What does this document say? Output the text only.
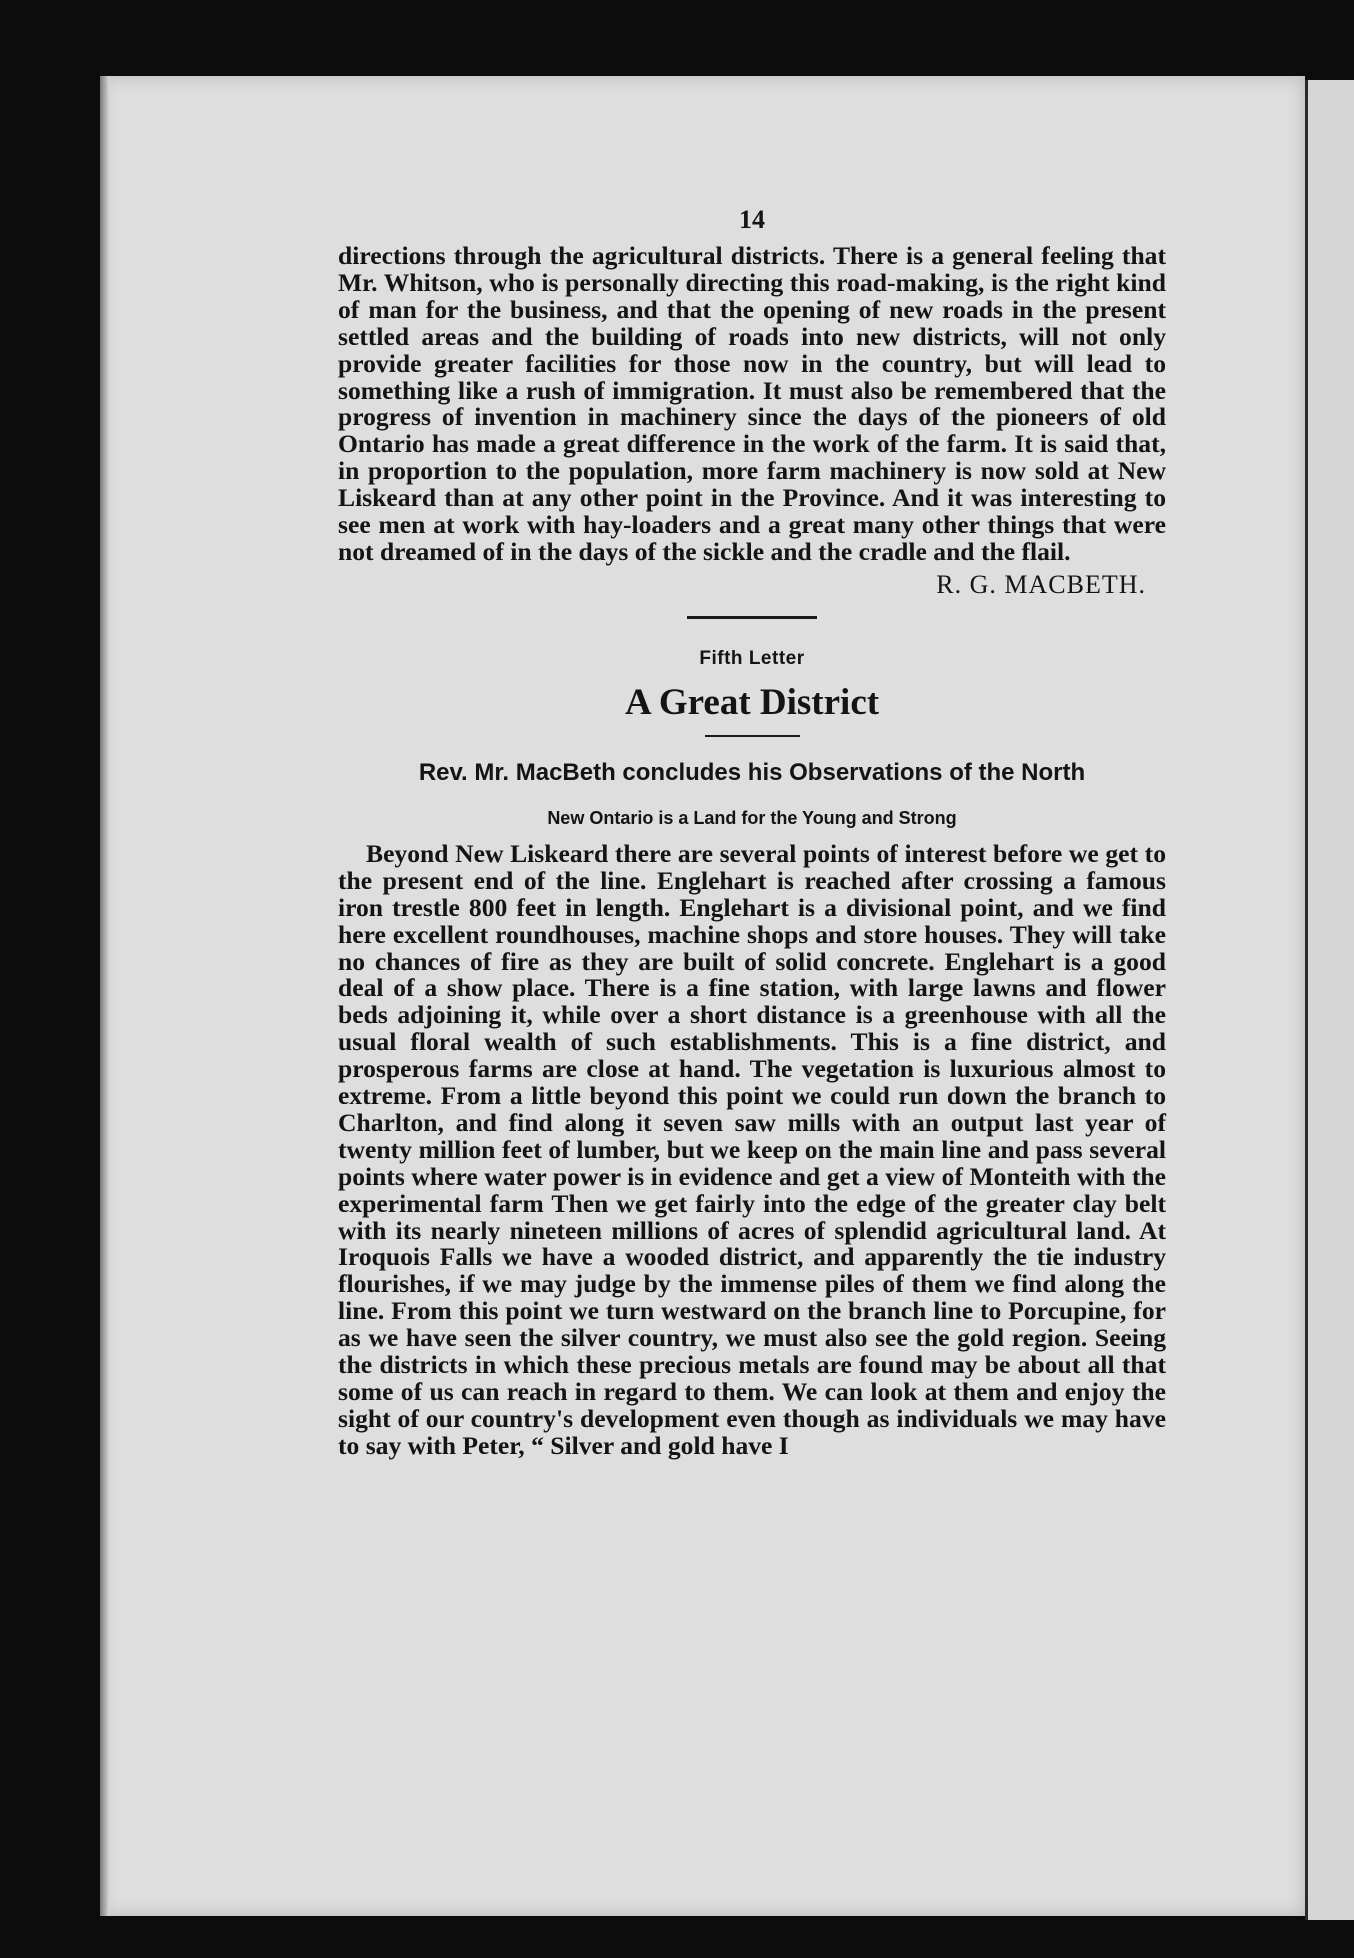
14

directions through the agricultural districts. There is a general feeling that Mr. Whitson, who is personally directing this road-making, is the right kind of man for the business, and that the opening of new roads in the present settled areas and the building of roads into new districts, will not only provide greater facilities for those now in the country, but will lead to something like a rush of immigration. It must also be remembered that the progress of invention in machinery since the days of the pioneers of old Ontario has made a great difference in the work of the farm. It is said that, in proportion to the population, more farm machinery is now sold at New Liskeard than at any other point in the Province. And it was interesting to see men at work with hay-loaders and a great many other things that were not dreamed of in the days of the sickle and the cradle and the flail.

R. G. MACBETH.
Fifth Letter
A Great District
Rev. Mr. MacBeth concludes his Observations of the North
New Ontario is a Land for the Young and Strong

Beyond New Liskeard there are several points of interest before we get to the present end of the line. Englehart is reached after crossing a famous iron trestle 800 feet in length. Englehart is a divisional point, and we find here excellent roundhouses, machine shops and store houses. They will take no chances of fire as they are built of solid concrete. Englehart is a good deal of a show place. There is a fine station, with large lawns and flower beds adjoining it, while over a short distance is a greenhouse with all the usual floral wealth of such establishments. This is a fine district, and prosperous farms are close at hand. The vegetation is luxurious almost to extreme. From a little beyond this point we could run down the branch to Charlton, and find along it seven saw mills with an output last year of twenty million feet of lumber, but we keep on the main line and pass several points where water power is in evidence and get a view of Monteith with the experimental farm Then we get fairly into the edge of the greater clay belt with its nearly nineteen millions of acres of splendid agricultural land. At Iroquois Falls we have a wooded district, and apparently the tie industry flourishes, if we may judge by the immense piles of them we find along the line. From this point we turn westward on the branch line to Porcupine, for as we have seen the silver country, we must also see the gold region. Seeing the districts in which these precious metals are found may be about all that some of us can reach in regard to them. We can look at them and enjoy the sight of our country's development even though as individuals we may have to say with Peter, “ Silver and gold have I
